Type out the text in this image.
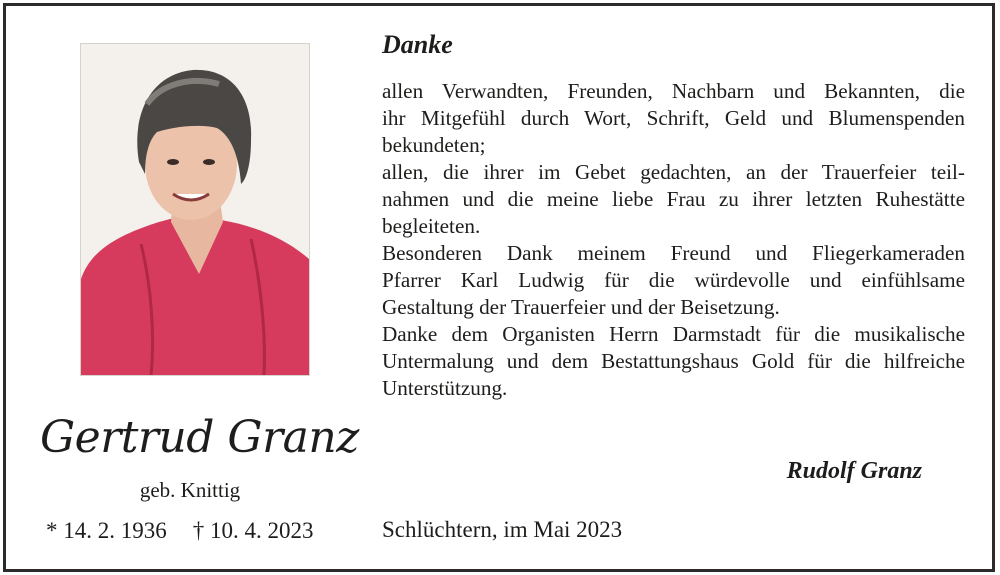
Gertrud Granz
geb. Knittig
* 14. 2. 1936 † 10. 4. 2023
Danke
allen Verwandten, Freunden, Nachbarn und Bekannten, die
ihr Mitgefühl durch Wort, Schrift, Geld und Blumenspenden
bekundeten;
allen, die ihrer im Gebet gedachten, an der Trauerfeier teil-
nahmen und die meine liebe Frau zu ihrer letzten Ruhestätte
begleiteten.
Besonderen Dank meinem Freund und Fliegerkameraden
Pfarrer Karl Ludwig für die würdevolle und einfühlsame
Gestaltung der Trauerfeier und der Beisetzung.
Danke dem Organisten Herrn Darmstadt für die musikalische
Untermalung und dem Bestattungshaus Gold für die hilfreiche
Unterstützung.
Rudolf Granz
Schlüchtern, im Mai 2023
